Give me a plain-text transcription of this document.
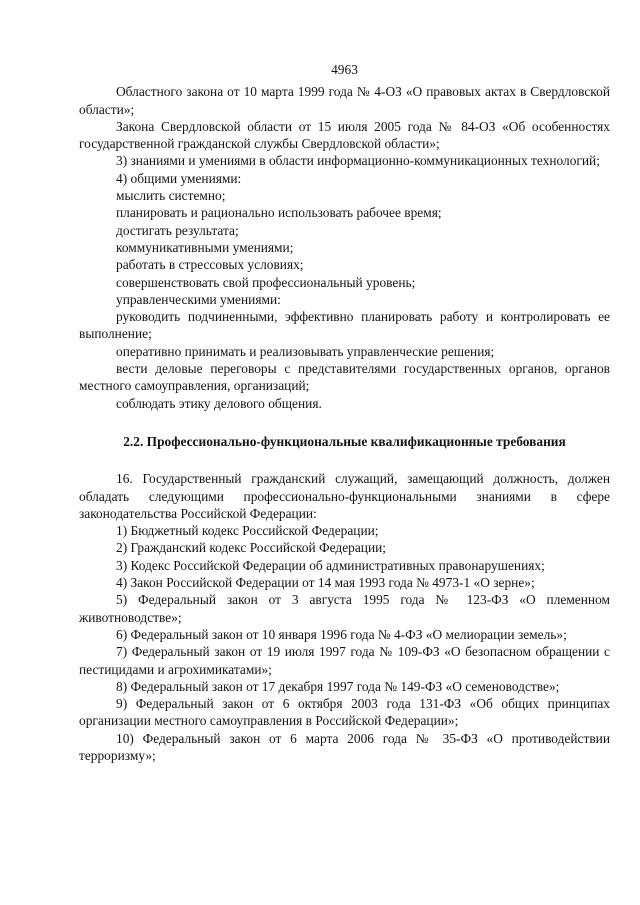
4963
Областного закона от 10 марта 1999 года № 4-ОЗ «О правовых актах в Свердловской области»;
Закона Свердловской области от 15 июля 2005 года № 84-ОЗ «Об особенностях государственной гражданской службы Свердловской области»;
3) знаниями и умениями в области информационно-коммуникационных технологий;
4) общими умениями:
мыслить системно;
планировать и рационально использовать рабочее время;
достигать результата;
коммуникативными умениями;
работать в стрессовых условиях;
совершенствовать свой профессиональный уровень;
управленческими умениями:
руководить подчиненными, эффективно планировать работу и контролировать ее выполнение;
оперативно принимать и реализовывать управленческие решения;
вести деловые переговоры с представителями государственных органов, органов местного самоуправления, организаций;
соблюдать этику делового общения.
2.2. Профессионально-функциональные квалификационные требования
16. Государственный гражданский служащий, замещающий должность, должен обладать следующими профессионально-функциональными знаниями в сфере законодательства Российской Федерации:
1) Бюджетный кодекс Российской Федерации;
2) Гражданский кодекс Российской Федерации;
3) Кодекс Российской Федерации об административных правонарушениях;
4) Закон Российской Федерации от 14 мая 1993 года № 4973-1 «О зерне»;
5) Федеральный закон от 3 августа 1995 года № 123-ФЗ «О племенном животноводстве»;
6) Федеральный закон от 10 января 1996 года № 4-ФЗ «О мелиорации земель»;
7) Федеральный закон от 19 июля 1997 года № 109-ФЗ «О безопасном обращении с пестицидами и агрохимикатами»;
8) Федеральный закон от 17 декабря 1997 года № 149-ФЗ «О семеноводстве»;
9) Федеральный закон от 6 октября 2003 года 131-ФЗ «Об общих принципах организации местного самоуправления в Российской Федерации»;
10) Федеральный закон от 6 марта 2006 года № 35-ФЗ «О противодействии терроризму»;
